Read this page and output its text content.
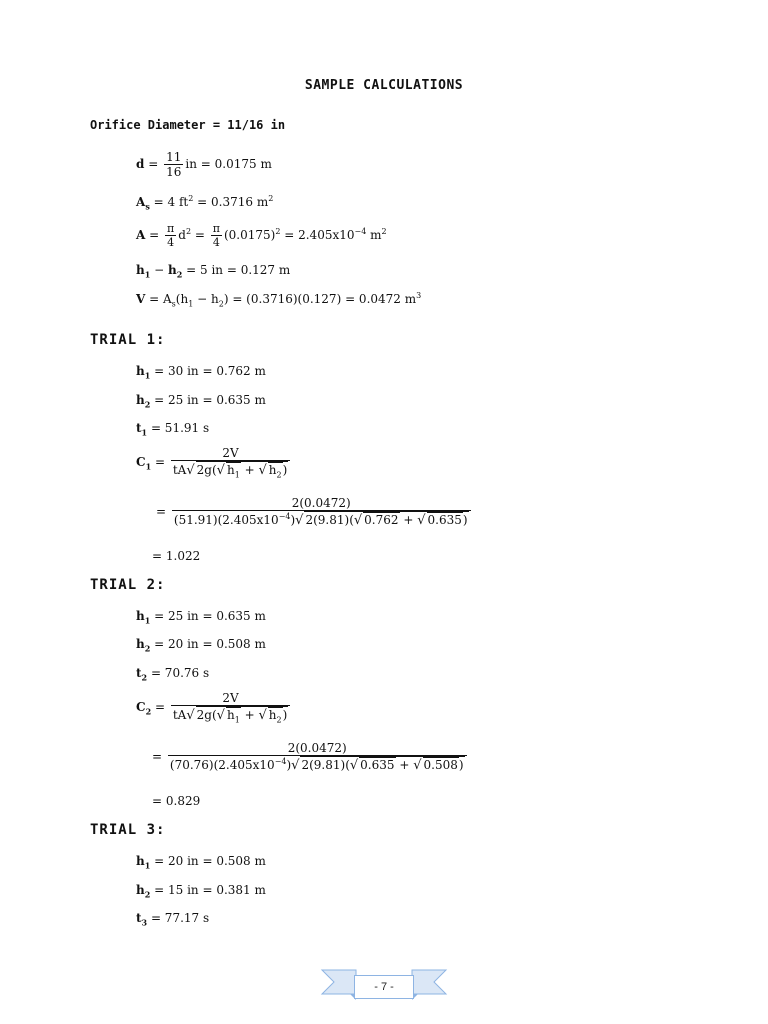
SAMPLE CALCULATIONS
Orifice Diameter = 11/16 in
$d = \frac{11}{16}$ in = 0.0175 m
$A_s = 4$ $ft^2 = 0.3716$ $m^2$
$A = \frac{\pi}{4} d^2 = \frac{\pi}{4} (0.0175)^2 = 2.405x10^{-4}$ $m^2$
$h_1 - h_2 = 5$ in = 0.127 m
$V = A_s(h_1 - h_2) = (0.3716)(0.127) = 0.0472$ $m^3$
TRIAL 1:
$h_1 = 30$ in = 0.762 m
$h_2 = 25$ in = 0.635 m
$t_1 = 51.91$ s
$C_1 = \frac{2V}{tA√ 2g(√ h_1 + √ h_2)}$
= $\frac{2(0.0472)}{(51.91)(2.405x10^{-4})√ 2(9.81)(√ 0.762 + √ 0.635)}$
= 1.022
TRIAL 2:
$h_1 = 25$ in = 0.635 m
$h_2 = 20$ in = 0.508 m
$t_2 = 70.76$ s
$C_2 = \frac{2V}{tA√ 2g(√ h_1 + √ h_2)}$
= $\frac{2(0.0472)}{(70.76)(2.405x10^{-4})√ 2(9.81)(√ 0.635 + √ 0.508)}$
= 0.829
TRIAL 3:
$h_1 = 20$ in = 0.508 m
$h_2 = 15$ in = 0.381 m
$t_3 = 77.17$ s
- 7 -
